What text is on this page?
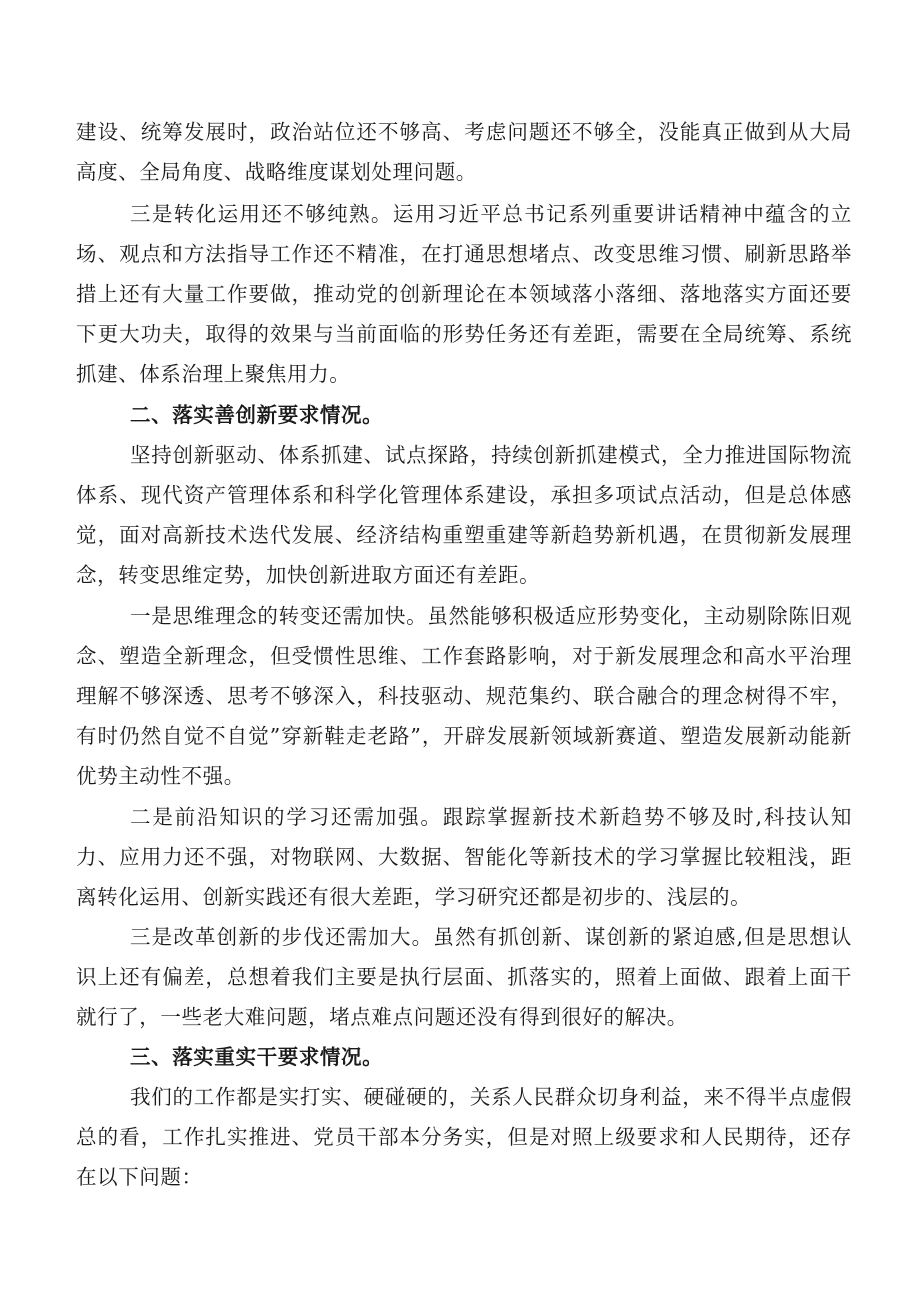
建设、统筹发展时，政治站位还不够高、考虑问题还不够全，没能真正做到从大局高度、全局角度、战略维度谋划处理问题。

三是转化运用还不够纯熟。运用习近平总书记系列重要讲话精神中蕴含的立场、观点和方法指导工作还不精准，在打通思想堵点、改变思维习惯、刷新思路举措上还有大量工作要做，推动党的创新理论在本领域落小落细、落地落实方面还要下更大功夫，取得的效果与当前面临的形势任务还有差距，需要在全局统筹、系统抓建、体系治理上聚焦用力。

二、落实善创新要求情况。

坚持创新驱动、体系抓建、试点探路，持续创新抓建模式，全力推进国际物流体系、现代资产管理体系和科学化管理体系建设，承担多项试点活动，但是总体感觉，面对高新技术迭代发展、经济结构重塑重建等新趋势新机遇，在贯彻新发展理念，转变思维定势，加快创新进取方面还有差距。

一是思维理念的转变还需加快。虽然能够积极适应形势变化，主动剔除陈旧观念、塑造全新理念，但受惯性思维、工作套路影响，对于新发展理念和高水平治理理解不够深透、思考不够深入，科技驱动、规范集约、联合融合的理念树得不牢，有时仍然自觉不自觉”穿新鞋走老路”，开辟发展新领域新赛道、塑造发展新动能新优势主动性不强。

二是前沿知识的学习还需加强。跟踪掌握新技术新趋势不够及时,科技认知力、应用力还不强，对物联网、大数据、智能化等新技术的学习掌握比较粗浅，距离转化运用、创新实践还有很大差距，学习研究还都是初步的、浅层的。

三是改革创新的步伐还需加大。虽然有抓创新、谋创新的紧迫感,但是思想认识上还有偏差，总想着我们主要是执行层面、抓落实的，照着上面做、跟着上面干就行了，一些老大难问题，堵点难点问题还没有得到很好的解决。

三、落实重实干要求情况。

我们的工作都是实打实、硬碰硬的，关系人民群众切身利益，来不得半点虚假总的看，工作扎实推进、党员干部本分务实，但是对照上级要求和人民期待，还存在以下问题：
